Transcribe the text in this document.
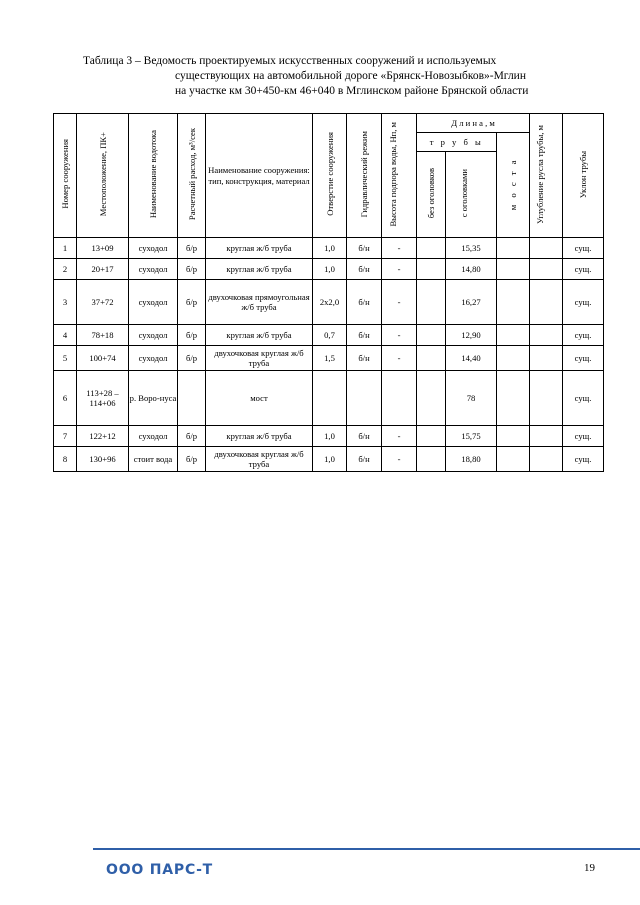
Таблица 3 – Ведомость проектируемых искусственных сооружений и используемых
существующих на автомобильной дороге «Брянск-Новозыбков»-Мглин
на участке км 30+450-км 46+040 в Мглинском районе Брянской области
Номер сооружения	Местоположение, ПК+	Наименование водотока	Расчетный расход, м³/сек	Наименование сооружения: тип, конструкция, материал	Отверстие сооружения	Гидравлический режим	Высота подпора воды, Hп, м	Д л и н а , м			Углубление русла трубы, м	Уклон трубы
								т р у б ы		м о с т а		
								без оголовков	с оголовками			
1	13+09	суходол	б/р	круглая ж/б труба	1,0	б/н	-		15,35			сущ.
2	20+17	суходол	б/р	круглая ж/б труба	1,0	б/н	-		14,80			сущ.
3	37+72	суходол	б/р	двухочковая прямоугольная ж/б труба	2х2,0	б/н	-		16,27			сущ.
4	78+18	суходол	б/р	круглая ж/б труба	0,7	б/н	-		12,90			сущ.
5	100+74	суходол	б/р	двухочковая круглая ж/б труба	1,5	б/н	-		14,40			сущ.
6	113+28 – 114+06	р. Воро-нуса		мост					78			сущ.
7	122+12	суходол	б/р	круглая ж/б труба	1,0	б/н	-		15,75			сущ.
8	130+96	стоит вода	б/р	двухочковая круглая ж/б труба	1,0	б/н	-		18,80			сущ.
ООО ПАРС-Т	19
